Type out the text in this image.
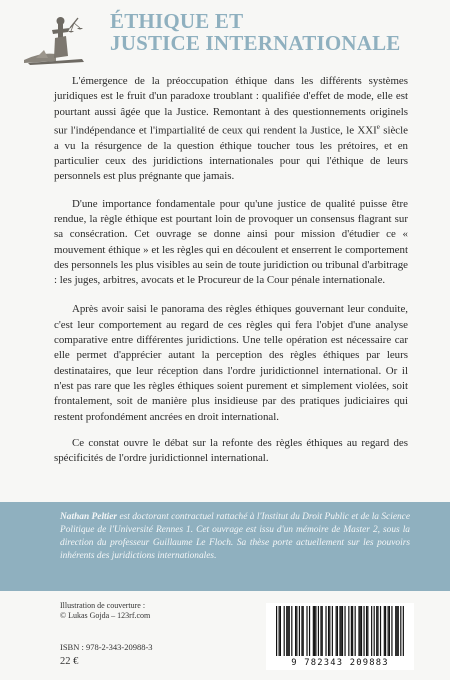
ÉTHIQUE ET
JUSTICE INTERNATIONALE

L'émergence de la préoccupation éthique dans les différents systèmes juridiques est le fruit d'un paradoxe troublant : qualifiée d'effet de mode, elle est pourtant aussi âgée que la Justice. Remontant à des questionnements originels sur l'indépendance et l'impartialité de ceux qui rendent la Justice, le XXIe siècle a vu la résurgence de la question éthique toucher tous les prétoires, et en particulier ceux des juridictions internationales pour qui l'éthique de leurs personnels est plus prégnante que jamais.

D'une importance fondamentale pour qu'une justice de qualité puisse être rendue, la règle éthique est pourtant loin de provoquer un consensus flagrant sur sa consécration. Cet ouvrage se donne ainsi pour mission d'étudier ce « mouvement éthique » et les règles qui en découlent et enserrent le comportement des personnels les plus visibles au sein de toute juridiction ou tribunal d'arbitrage : les juges, arbitres, avocats et le Procureur de la Cour pénale internationale.

Après avoir saisi le panorama des règles éthiques gouvernant leur conduite, c'est leur comportement au regard de ces règles qui fera l'objet d'une analyse comparative entre différentes juridictions. Une telle opération est nécessaire car elle permet d'apprécier autant la perception des règles éthiques par leurs destinataires, que leur réception dans l'ordre juridictionnel international. Or il n'est pas rare que les règles éthiques soient purement et simplement violées, soit frontalement, soit de manière plus insidieuse par des pratiques judiciaires qui restent profondément ancrées en droit international.

Ce constat ouvre le débat sur la refonte des règles éthiques au regard des spécificités de l'ordre juridictionnel international.

Nathan Peltier est doctorant contractuel rattaché à l'Institut du Droit Public et de la Science Politique de l'Université Rennes 1. Cet ouvrage est issu d'un mémoire de Master 2, sous la direction du professeur Guillaume Le Floch. Sa thèse porte actuellement sur les pouvoirs inhérents des juridictions internationales.

Illustration de couverture :
© Lukas Gojda – 123rf.com
ISBN : 978-2-343-20988-3
22 €	9 782343 209883
